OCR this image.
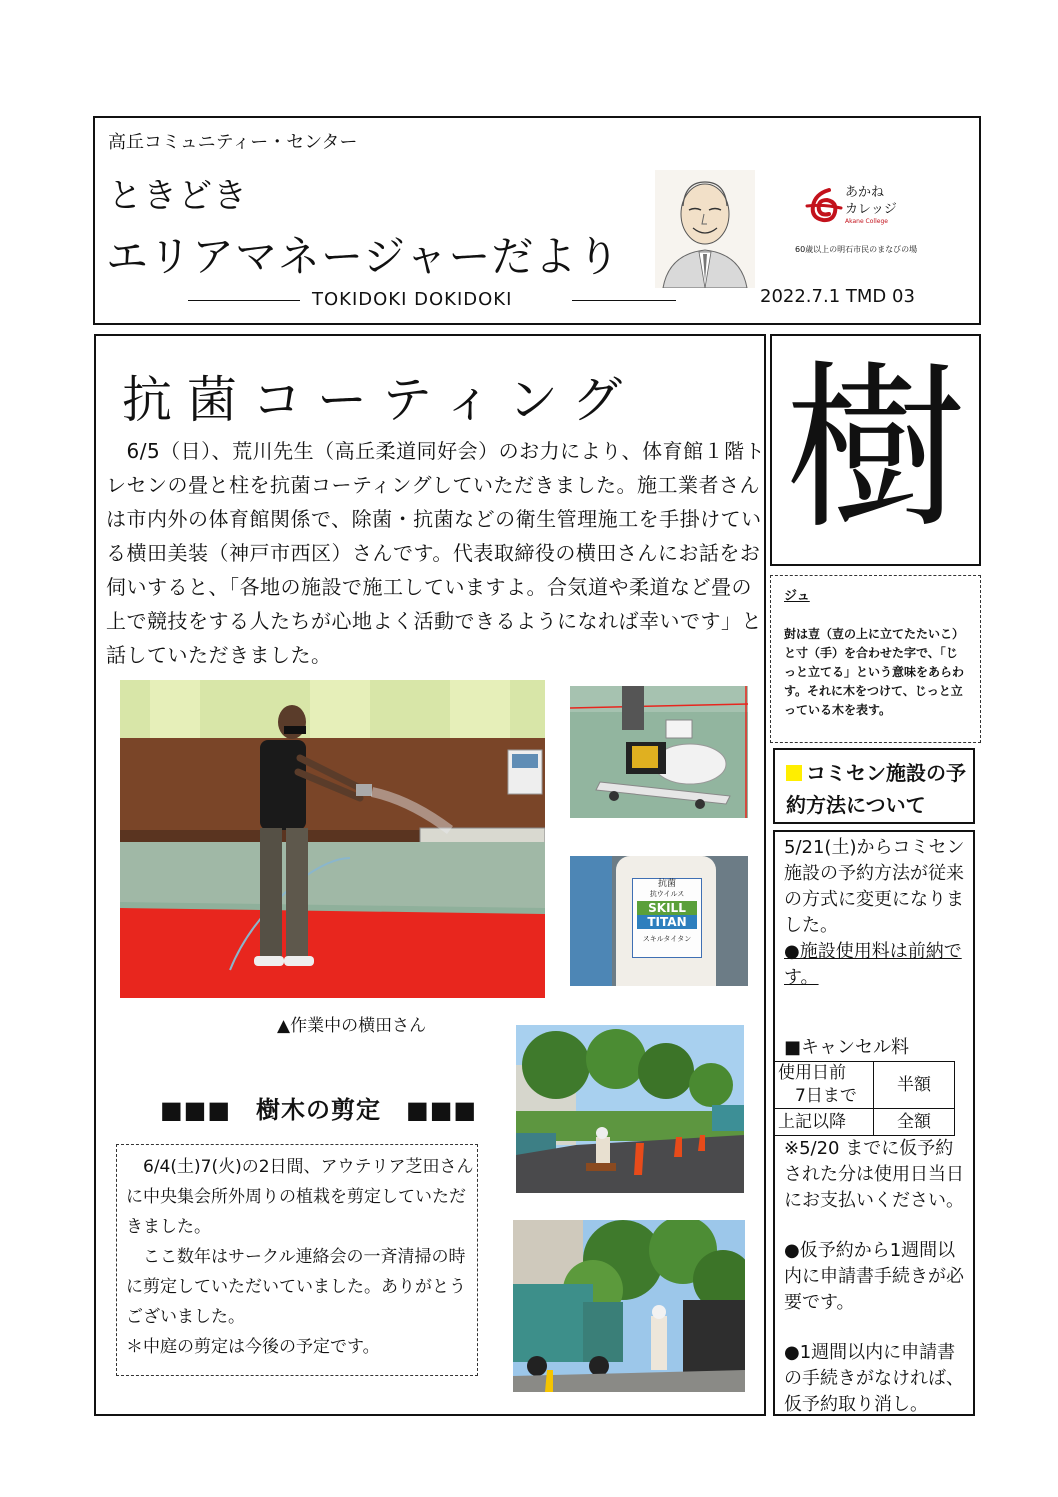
高丘コミュニティー・センター
ときどき
エリアマネージャーだより
TOKIDOKI DOKIDOKI	2022.7.1 TMD 03
あかね
カレッジ
Akane College
60歳以上の明石市民のまなびの場
抗菌コーティング
　6/5（日）、荒川先生（高丘柔道同好会）のお力により、体育館１階トレセンの畳と柱を抗菌コーティングしていただきました。施工業者さんは市内外の体育館関係で、除菌・抗菌などの衛生管理施工を手掛けている横田美装（神戸市西区）さんです。代表取締役の横田さんにお話をお伺いすると、「各地の施設で施工していますよ。合気道や柔道など畳の上で競技をする人たちが心地よく活動できるようになれば幸いです」と話していただきました。
▲作業中の横田さん
抗菌
抗ウイルス
SKILL
TITAN
スキルタイタン
■■■　樹木の剪定　■■■
　6/4(土)7(火)の2日間、アウテリア芝田さんに中央集会所外周りの植栽を剪定していただきました。
　ここ数年はサークル連絡会の一斉清掃の時に剪定していただいていました。ありがとうございました。
＊中庭の剪定は今後の予定です。
樹
ジュ
尌は壴（壴の上に立てたたいこ）と寸（手）を合わせた字で、「じっと立てる」という意味をあらわす。それに木をつけて、じっと立っている木を表す。
コミセン施設の予約方法について
5/21(土)からコミセン施設の予約方法が従来の方式に変更になりました。
●施設使用料は前納です。
■キャンセル料
使用日前
　7日まで	半額
上記以降	全額
※5/20 までに仮予約された分は使用日当日にお支払いください。
●仮予約から1週間以内に申請書手続きが必要です。
●1週間以内に申請書の手続きがなければ、仮予約取り消し。
